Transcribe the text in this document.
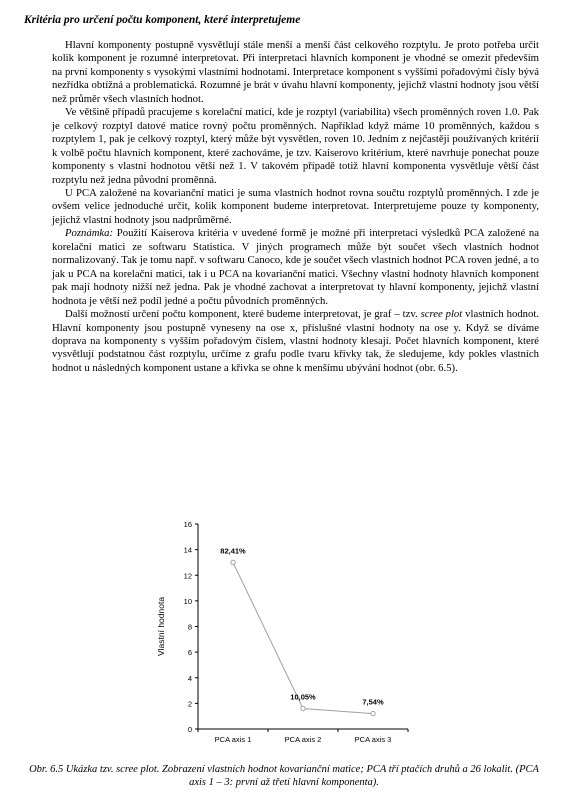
Kritéria pro určení počtu komponent, které interpretujeme

Hlavní komponenty postupně vysvětlují stále menší a menší část celkového rozptylu. Je proto potřeba určit kolik komponent je rozumné interpretovat. Při interpretaci hlavních komponent je vhodné se omezit především na první komponenty s vysokými vlastními hodnotami. Interpretace komponent s vyššími pořadovými čísly bývá nezřídka obtížná a problematická. Rozumné je brát v úvahu hlavní komponenty, jejichž vlastní hodnoty jsou větší než průměr všech vlastních hodnot.

Ve většině případů pracujeme s korelační maticí, kde je rozptyl (variabilita) všech proměnných roven 1.0. Pak je celkový rozptyl datové matice rovný počtu proměnných. Například když máme 10 proměnných, každou s rozptylem 1, pak je celkový rozptyl, který může být vysvětlen, roven 10. Jedním z nejčastěji používaných kritérií k volbě počtu hlavních komponent, které zachováme, je tzv. Kaiserovo kritérium, které navrhuje ponechat pouze komponenty s vlastní hodnotou větší než 1. V takovém případě totiž hlavní komponenta vysvětluje větší část rozptylu než jedna původní proměnná.

U PCA založené na kovarianční matici je suma vlastních hodnot rovna součtu rozptylů proměnných. I zde je ovšem velice jednoduché určit, kolik komponent budeme interpretovat. Interpretujeme pouze ty komponenty, jejichž vlastní hodnoty jsou nadprůměrné.

Poznámka: Použití Kaiserova kritéria v uvedené formě je možné při interpretaci výsledků PCA založené na korelační matici ze softwaru Statistica. V jiných programech může být součet všech vlastních hodnot normalizovaný. Tak je tomu např. v softwaru Canoco, kde je součet všech vlastních hodnot PCA roven jedné, a to jak u PCA na korelační matici, tak i u PCA na kovarianční matici. Všechny vlastní hodnoty hlavních komponent pak mají hodnoty nižší než jedna. Pak je vhodné zachovat a interpretovat ty hlavní komponenty, jejichž vlastní hodnota je větší než podíl jedné a počtu původních proměnných.

Další možností určení počtu komponent, které budeme interpretovat, je graf – tzv. scree plot vlastních hodnot. Hlavní komponenty jsou postupně vyneseny na ose x, příslušné vlastní hodnoty na ose y. Když se díváme doprava na komponenty s vyšším pořadovým číslem, vlastní hodnoty klesají. Počet hlavních komponent, které vysvětlují podstatnou část rozptylu, určíme z grafu podle tvaru křivky tak, že sledujeme, kdy pokles vlastních hodnot u následných komponent ustane a křivka se ohne k menšímu ubývání hodnot (obr. 6.5).

0
2
4
6
8
10
12
14
16
PCA axis 1	PCA axis 2	PCA axis 3
Vlastní hodnota
82,41%
10,05%
7,54%
Obr. 6.5 Ukázka tzv. scree plot. Zobrazení vlastních hodnot kovarianční matice; PCA tří ptačích druhů a 26 lokalit. (PCA axis 1 – 3: první až třetí hlavní komponenta).
